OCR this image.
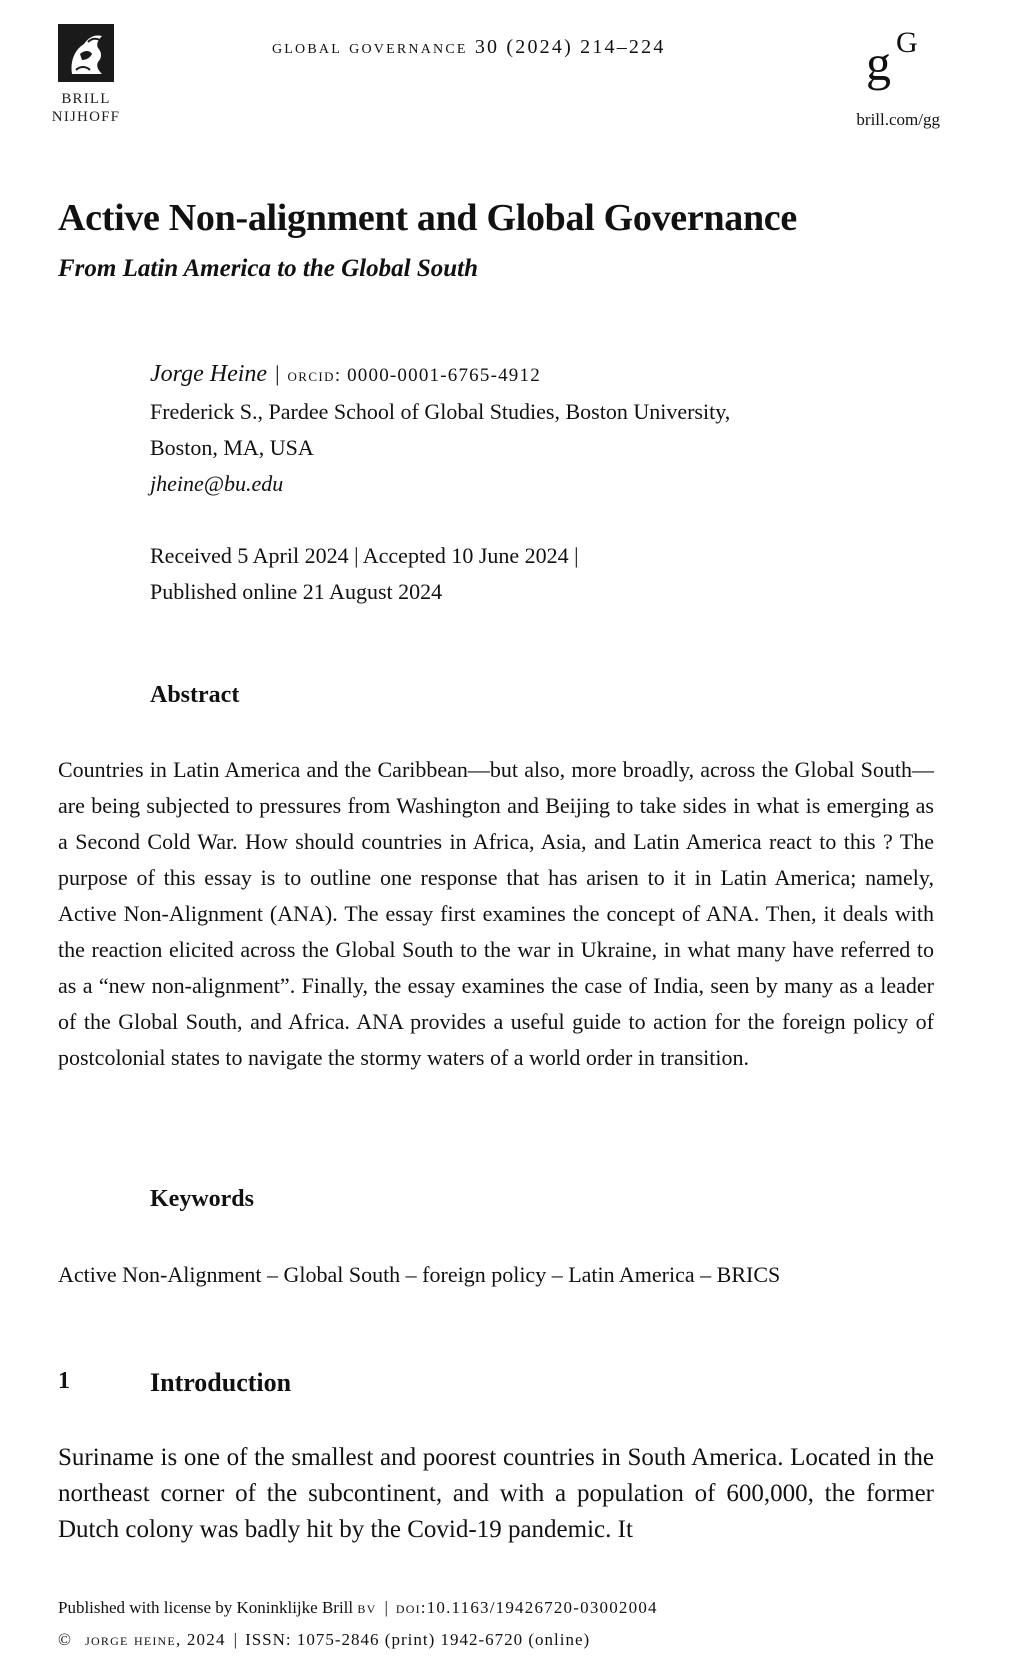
BRILL
NIJHOFF
global governance 30 (2024) 214–224	G
g
brill.com/gg
Active Non-alignment and Global Governance
From Latin America to the Global South
Jorge Heine | orcid: 0000-0001-6765-4912
Frederick S., Pardee School of Global Studies, Boston University,
Boston, MA, USA
jheine@bu.edu
Received 5 April 2024 | Accepted 10 June 2024 |
Published online 21 August 2024
Abstract
Countries in Latin America and the Caribbean—but also, more broadly, across the Global South—are being subjected to pressures from Washington and Beijing to take sides in what is emerging as a Second Cold War. How should countries in Africa, Asia, and Latin America react to this ? The purpose of this essay is to outline one response that has arisen to it in Latin America; namely, Active Non-Alignment (ANA). The essay first examines the concept of ANA. Then, it deals with the reaction elicited across the Global South to the war in Ukraine, in what many have referred to as a “new non-alignment”. Finally, the essay examines the case of India, seen by many as a leader of the Global South, and Africa. ANA provides a useful guide to action for the foreign policy of postcolonial states to navigate the stormy waters of a world order in transition.
Keywords
Active Non-Alignment – Global South – foreign policy – Latin America – BRICS
1	Introduction
Suriname is one of the smallest and poorest countries in South America. Located in the northeast corner of the subcontinent, and with a population of 600,000, the former Dutch colony was badly hit by the Covid-19 pandemic. It
Published with license by Koninklijke Brill bv | doi:10.1163/19426720-03002004
© jorge heine, 2024 | ISSN: 1075-2846 (print) 1942-6720 (online)
